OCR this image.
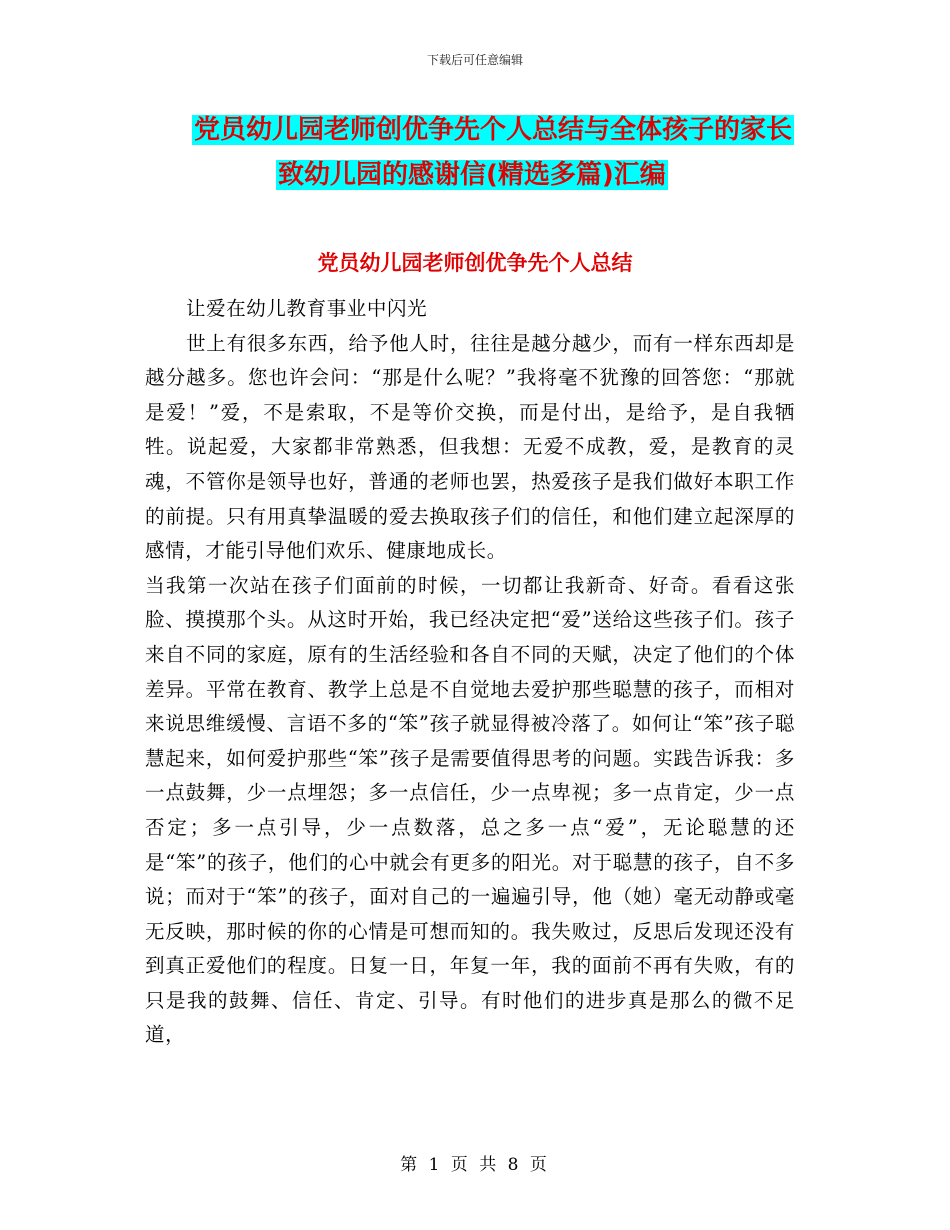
下载后可任意编辑
党员幼儿园老师创优争先个人总结与全体孩子的家长
致幼儿园的感谢信(精选多篇)汇编
党员幼儿园老师创优争先个人总结

让爱在幼儿教育事业中闪光

世上有很多东西，给予他人时，往往是越分越少，而有一样东西却是越分越多。您也许会问：“那是什么呢？”我将毫不犹豫的回答您：“那就是爱！”爱，不是索取，不是等价交换，而是付出，是给予，是自我牺牲。说起爱，大家都非常熟悉，但我想：无爱不成教，爱，是教育的灵魂，不管你是领导也好，普通的老师也罢，热爱孩子是我们做好本职工作的前提。只有用真挚温暖的爱去换取孩子们的信任，和他们建立起深厚的感情，才能引导他们欢乐、健康地成长。

当我第一次站在孩子们面前的时候，一切都让我新奇、好奇。看看这张脸、摸摸那个头。从这时开始，我已经决定把“爱”送给这些孩子们。孩子来自不同的家庭，原有的生活经验和各自不同的天赋，决定了他们的个体差异。平常在教育、教学上总是不自觉地去爱护那些聪慧的孩子，而相对来说思维缓慢、言语不多的“笨”孩子就显得被冷落了。如何让“笨”孩子聪慧起来，如何爱护那些“笨”孩子是需要值得思考的问题。实践告诉我：多一点鼓舞，少一点埋怨；多一点信任，少一点卑视；多一点肯定，少一点否定；多一点引导，少一点数落，总之多一点“爱”，无论聪慧的还是“笨”的孩子，他们的心中就会有更多的阳光。对于聪慧的孩子，自不多说；而对于“笨”的孩子，面对自己的一遍遍引导，他（她）毫无动静或毫无反映，那时候的你的心情是可想而知的。我失败过，反思后发现还没有到真正爱他们的程度。日复一日，年复一年，我的面前不再有失败，有的只是我的鼓舞、信任、肯定、引导。有时他们的进步真是那么的微不足道，

第 1 页 共 8 页
